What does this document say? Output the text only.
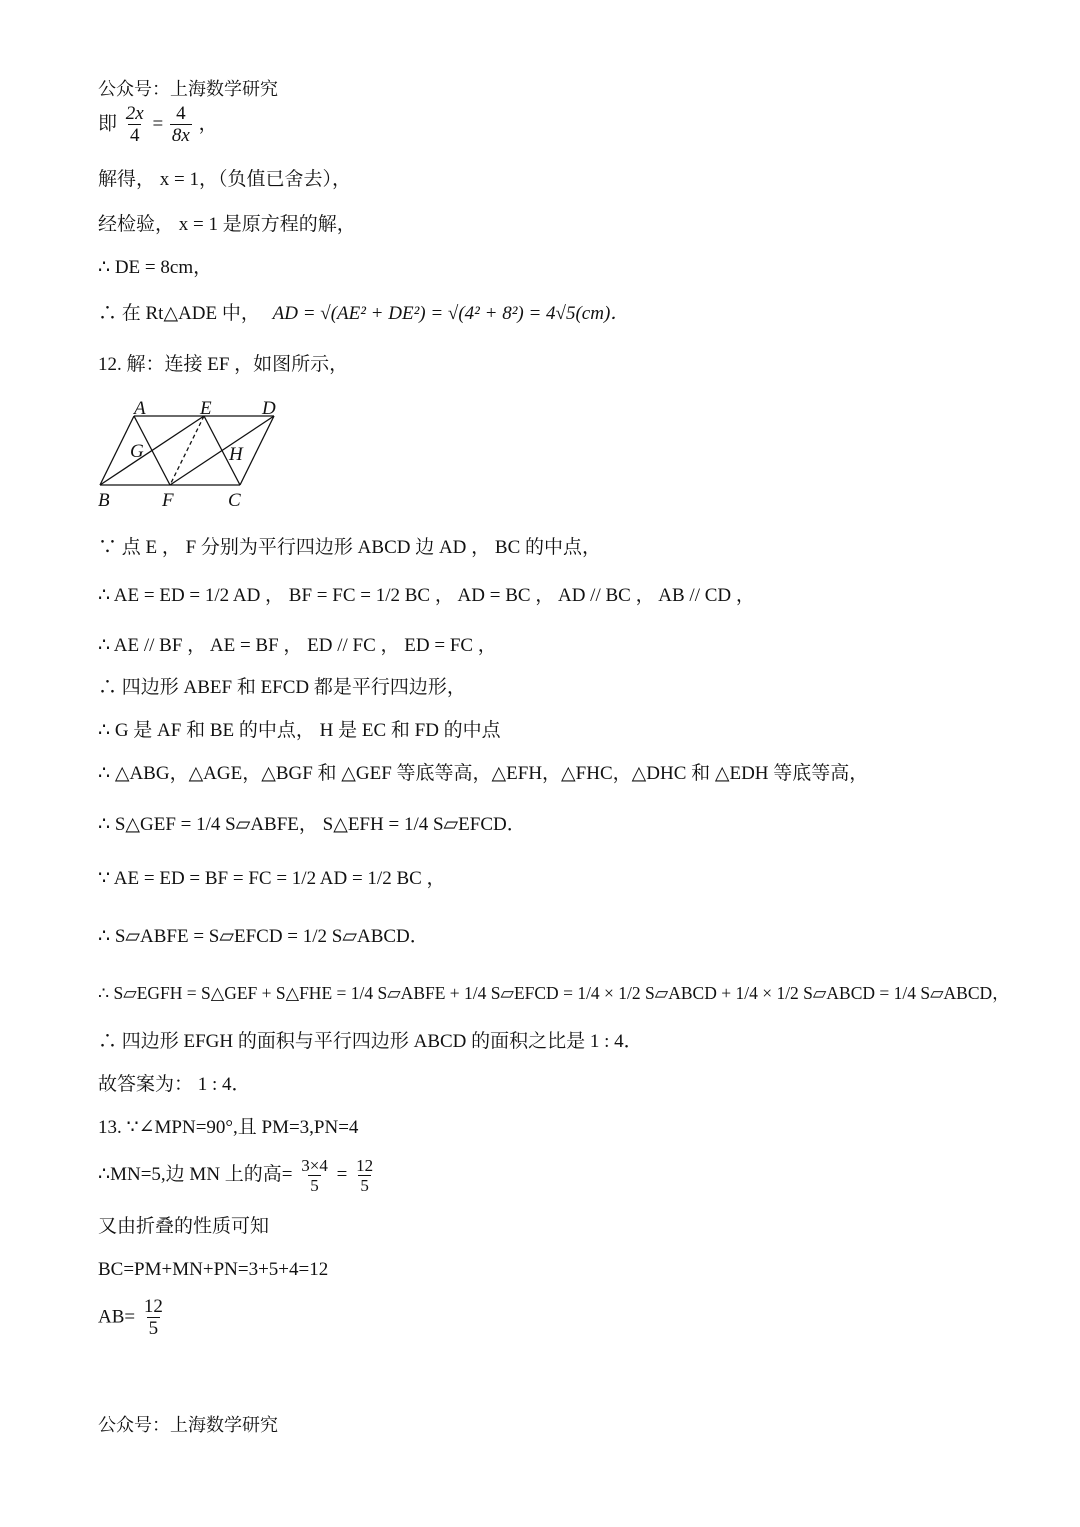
公众号：上海数学研究
即 $\frac{2x}{4} = \frac{4}{8x}$ ，
解得， x = 1，（负值已舍去），
经检验， x = 1 是原方程的解，
∴ DE = 8cm，
∴ 在 Rt△ADE 中， AD = √(AE² + DE²) = √(4² + 8²) = 4√5(cm)．
12. 解：连接 EF ，如图所示，
A	E	D
G	H
B	F	C
∵ 点 E ， F 分别为平行四边形 ABCD 边 AD ， BC 的中点，
∴ AE = ED = 1/2 AD ， BF = FC = 1/2 BC ， AD = BC ， AD // BC ， AB // CD ，
∴ AE // BF ， AE = BF ， ED // FC ， ED = FC ，
∴ 四边形 ABEF 和 EFCD 都是平行四边形，
∴ G 是 AF 和 BE 的中点， H 是 EC 和 FD 的中点
∴ △ABG，△AGE，△BGF 和 △GEF 等底等高，△EFH，△FHC，△DHC 和 △EDH 等底等高，
∴ S△GEF = 1/4 S▱ABFE， S△EFH = 1/4 S▱EFCD．
∵ AE = ED = BF = FC = 1/2 AD = 1/2 BC ，
∴ S▱ABFE = S▱EFCD = 1/2 S▱ABCD．
∴ S▱EGFH = S△GEF + S△FHE = 1/4 S▱ABFE + 1/4 S▱EFCD = 1/4 × 1/2 S▱ABCD + 1/4 × 1/2 S▱ABCD = 1/4 S▱ABCD，
∴ 四边形 EFGH 的面积与平行四边形 ABCD 的面积之比是 1 : 4．
故答案为： 1 : 4．
13. ∵∠MPN=90°,且 PM=3,PN=4
∴MN=5,边 MN 上的高= $\frac{3\times 4}{5} = \frac{12}{5}$
又由折叠的性质可知
BC=PM+MN+PN=3+5+4=12
$AB= \frac{12}{5}$
公众号：上海数学研究
